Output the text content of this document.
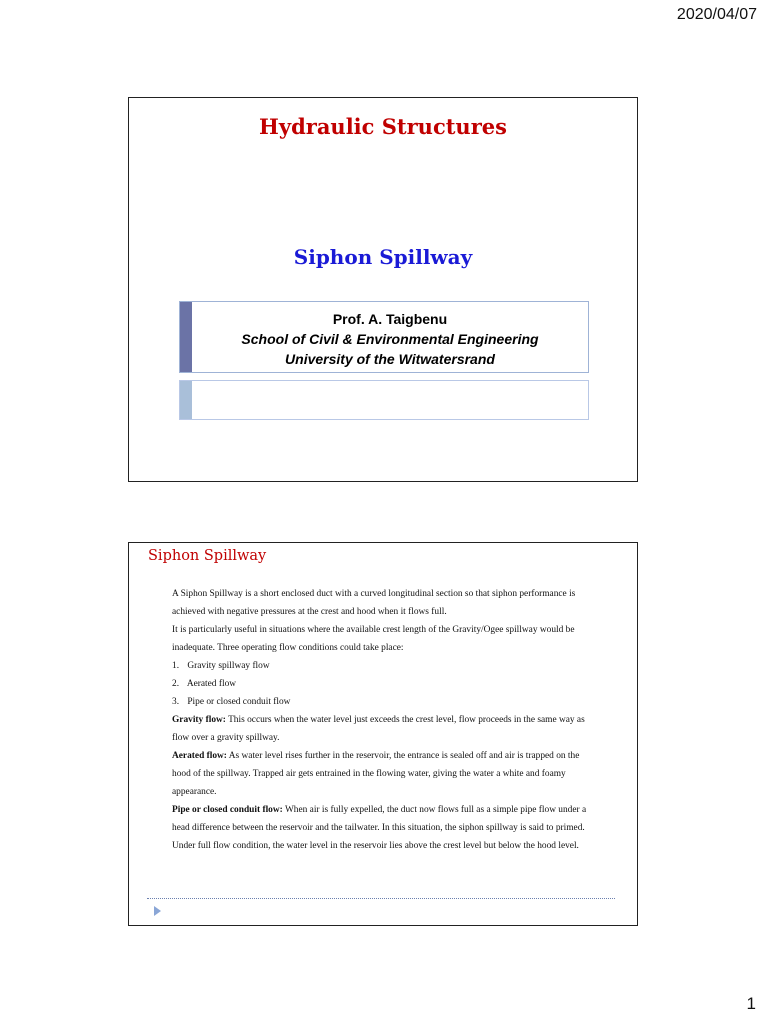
2020/04/07
Hydraulic Structures
Siphon Spillway
Prof. A. Taigbenu
School of Civil & Environmental Engineering
University of the Witwatersrand
Siphon Spillway

A Siphon Spillway is a short enclosed duct with a curved longitudinal section so that siphon performance is achieved with negative pressures at the crest and hood when it flows full.

It is particularly useful in situations where the available crest length of the Gravity/Ogee spillway would be inadequate. Three operating flow conditions could take place:

1. Gravity spillway flow

2. Aerated flow

3. Pipe or closed conduit flow

Gravity flow: This occurs when the water level just exceeds the crest level, flow proceeds in the same way as flow over a gravity spillway.

Aerated flow: As water level rises further in the reservoir, the entrance is sealed off and air is trapped on the hood of the spillway. Trapped air gets entrained in the flowing water, giving the water a white and foamy appearance.

Pipe or closed conduit flow: When air is fully expelled, the duct now flows full as a simple pipe flow under a head difference between the reservoir and the tailwater. In this situation, the siphon spillway is said to primed. Under full flow condition, the water level in the reservoir lies above the crest level but below the hood level.

1
